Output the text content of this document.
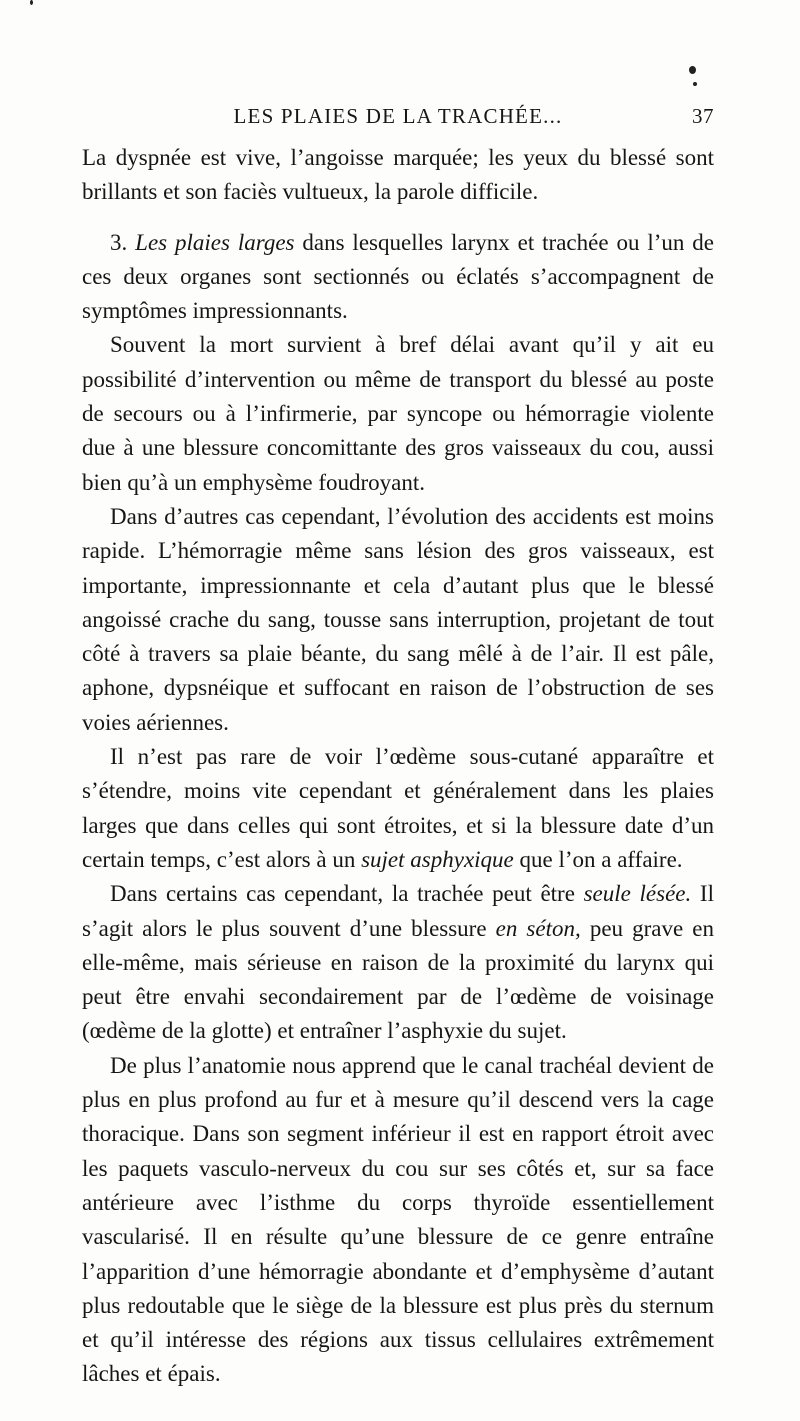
LES PLAIES DE LA TRACHÉE...	37

La dyspnée est vive, l’angoisse marquée; les yeux du blessé sont brillants et son faciès vultueux, la parole difficile.

3. Les plaies larges dans lesquelles larynx et trachée ou l’un de ces deux organes sont sectionnés ou éclatés s’accompagnent de symptômes impressionnants.

Souvent la mort survient à bref délai avant qu’il y ait eu possibilité d’intervention ou même de transport du blessé au poste de secours ou à l’infirmerie, par syncope ou hémorragie violente due à une blessure concomittante des gros vaisseaux du cou, aussi bien qu’à un emphysème foudroyant.

Dans d’autres cas cependant, l’évolution des accidents est moins rapide. L’hémorragie même sans lésion des gros vaisseaux, est importante, impressionnante et cela d’autant plus que le blessé angoissé crache du sang, tousse sans interruption, projetant de tout côté à travers sa plaie béante, du sang mêlé à de l’air. Il est pâle, aphone, dypsnéique et suffocant en raison de l’obstruction de ses voies aériennes.

Il n’est pas rare de voir l’œdème sous-cutané apparaître et s’étendre, moins vite cependant et généralement dans les plaies larges que dans celles qui sont étroites, et si la blessure date d’un certain temps, c’est alors à un sujet asphyxique que l’on a affaire.

Dans certains cas cependant, la trachée peut être seule lésée. Il s’agit alors le plus souvent d’une blessure en séton, peu grave en elle-même, mais sérieuse en raison de la proximité du larynx qui peut être envahi secondairement par de l’œdème de voisinage (œdème de la glotte) et entraîner l’asphyxie du sujet.

De plus l’anatomie nous apprend que le canal trachéal devient de plus en plus profond au fur et à mesure qu’il descend vers la cage thoracique. Dans son segment inférieur il est en rapport étroit avec les paquets vasculo-nerveux du cou sur ses côtés et, sur sa face antérieure avec l’isthme du corps thyroïde essentiellement vascularisé. Il en résulte qu’une blessure de ce genre entraîne l’apparition d’une hémorragie abondante et d’emphysème d’autant plus redoutable que le siège de la blessure est plus près du sternum et qu’il intéresse des régions aux tissus cellulaires extrêmement lâches et épais.
